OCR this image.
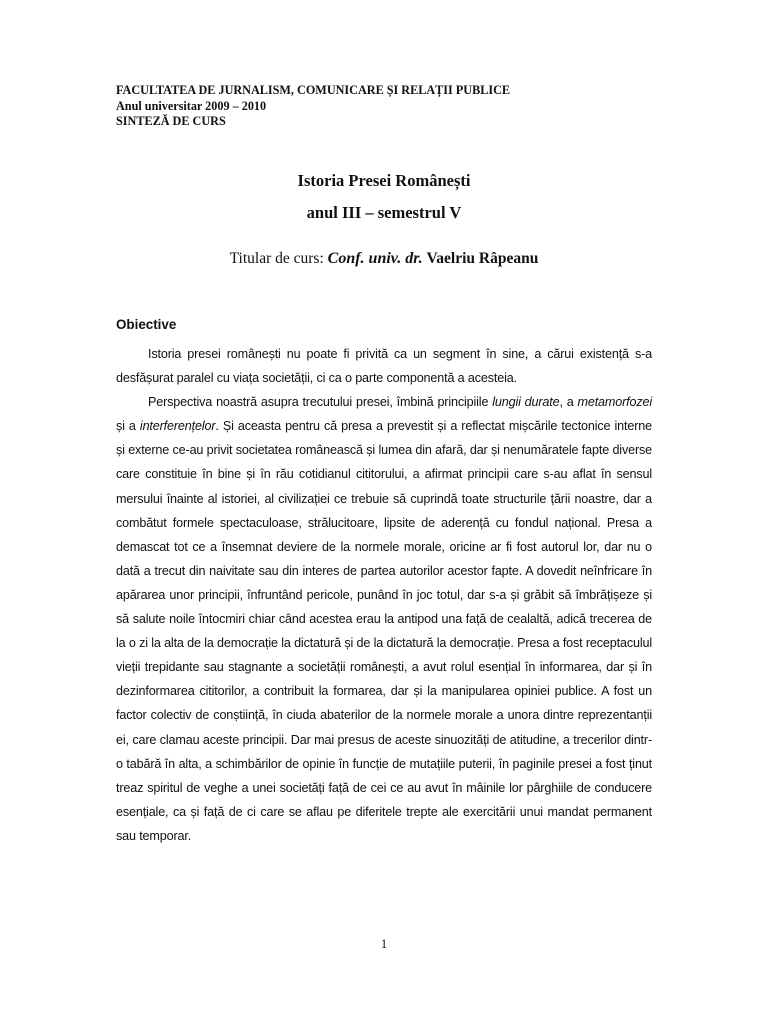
FACULTATEA DE JURNALISM, COMUNICARE ȘI RELAȚII PUBLICE
Anul universitar 2009 – 2010
SINTEZĂ DE CURS
Istoria Presei Românești
anul III – semestrul V
Titular de curs: Conf. univ. dr. Vaelriu Râpeanu
Obiective

Istoria presei românești nu poate fi privită ca un segment în sine, a cărui existență s-a desfășurat paralel cu viața societății, ci ca o parte componentă a acesteia.

Perspectiva noastră asupra trecutului presei, îmbină principiile lungii durate, a metamorfozei și a interferențelor. Și aceasta pentru că presa a prevestit și a reflectat mișcările tectonice interne și externe ce-au privit societatea românească și lumea din afară, dar și nenumăratele fapte diverse care constituie în bine și în rău cotidianul cititorului, a afirmat principii care s-au aflat în sensul mersului înainte al istoriei, al civilizației ce trebuie să cuprindă toate structurile țării noastre, dar a combătut formele spectaculoase, strălucitoare, lipsite de aderență cu fondul național. Presa a demascat tot ce a însemnat deviere de la normele morale, oricine ar fi fost autorul lor, dar nu o dată a trecut din naivitate sau din interes de partea autorilor acestor fapte. A dovedit neînfricare în apărarea unor principii, înfruntând pericole, punând în joc totul, dar s-a și grăbit să îmbrățișeze și să salute noile întocmiri chiar când acestea erau la antipod una față de cealaltă, adică trecerea de la o zi la alta de la democrație la dictatură și de la dictatură la democrație. Presa a fost receptaculul vieții trepidante sau stagnante a societății românești, a avut rolul esențial în informarea, dar și în dezinformarea cititorilor, a contribuit la formarea, dar și la manipularea opiniei publice. A fost un factor colectiv de conștiință, în ciuda abaterilor de la normele morale a unora dintre reprezentanții ei, care clamau aceste principii. Dar mai presus de aceste sinuozități de atitudine, a trecerilor dintr-o tabără în alta, a schimbărilor de opinie în funcție de mutațiile puterii, în paginile presei a fost ținut treaz spiritul de veghe a unei societăți față de cei ce au avut în mâinile lor pârghiile de conducere esențiale, ca și față de ci care se aflau pe diferitele trepte ale exercitării unui mandat permanent sau temporar.

1
